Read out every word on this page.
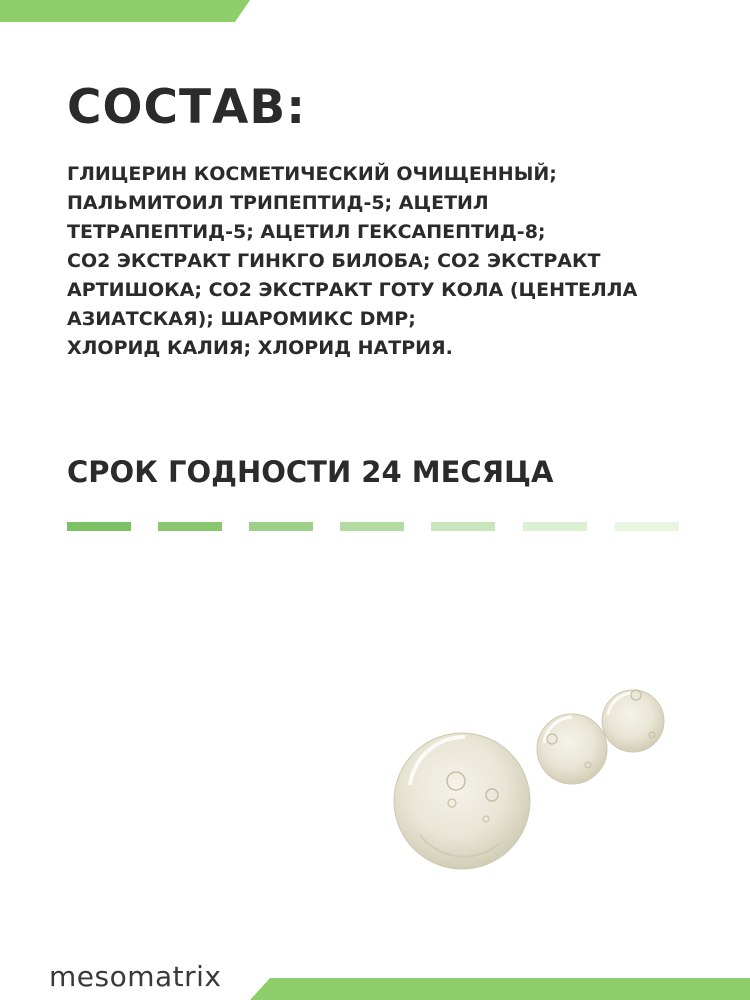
СОСТАВ:

ГЛИЦЕРИН КОСМЕТИЧЕСКИЙ ОЧИЩЕННЫЙ;
ПАЛЬМИТОИЛ ТРИПЕПТИД-5; АЦЕТИЛ
ТЕТРАПЕПТИД-5; АЦЕТИЛ ГЕКСАПЕПТИД-8;
CO2 ЭКСТРАКТ ГИНКГО БИЛОБА; CO2 ЭКСТРАКТ
АРТИШОКА; CO2 ЭКСТРАКТ ГОТУ КОЛА (ЦЕНТЕЛЛА
АЗИАТСКАЯ); ШАРОМИКС DMP;
ХЛОРИД КАЛИЯ; ХЛОРИД НАТРИЯ.

СРОК ГОДНОСТИ 24 МЕСЯЦА

mesomatrix
